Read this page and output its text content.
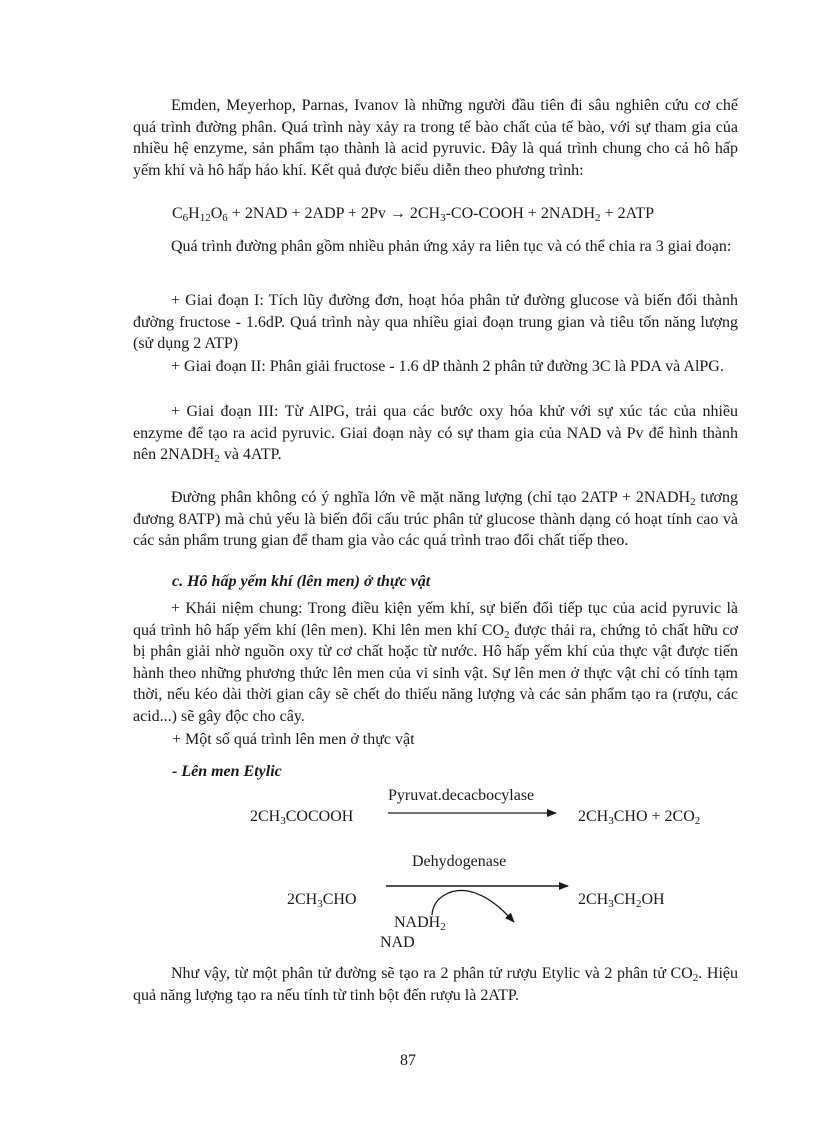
Emden, Meyerhop, Parnas, Ivanov là những người đầu tiên đi sâu nghiên cứu cơ chế quá trình đường phân. Quá trình này xảy ra trong tế bào chất của tế bào, với sự tham gia của nhiều hệ enzyme, sản phẩm tạo thành là acid pyruvic. Đây là quá trình chung cho cả hô hấp yếm khí và hô hấp háo khí. Kết quả được biểu diễn theo phương trình:

$C_6H_{12}O_6 + 2NAD + 2ADP + 2Pv$ → $2CH_3-CO$-COOH + $2NADH_2 + 2ATP$

Quá trình đường phân gồm nhiều phản ứng xảy ra liên tục và có thể chia ra 3 giai đoạn:

+ Giai đoạn I: Tích lũy đường đơn, hoạt hóa phân tử đường glucose và biến đổi thành đường fructose - 1.6dP. Quá trình này qua nhiều giai đoạn trung gian và tiêu tốn năng lượng (sử dụng 2 ATP)

+ Giai đoạn II: Phân giải fructose - 1.6 dP thành 2 phân tử đường 3C là PDA và AlPG.

+ Giai đoạn III: Từ AlPG, trải qua các bước oxy hóa khử với sự xúc tác của nhiều enzyme để tạo ra acid pyruvic. Giai đoạn này có sự tham gia của NAD và Pv để hình thành nên $2NADH_2$ và 4ATP.

Đường phân không có ý nghĩa lớn về mặt năng lượng (chỉ tạo $2ATP + 2NADH_2$ tương đương 8ATP) mà chủ yếu là biến đổi cấu trúc phân tử glucose thành dạng có hoạt tính cao và các sản phẩm trung gian để tham gia vào các quá trình trao đổi chất tiếp theo.

c. Hô hấp yếm khí (lên men) ở thực vật

+ Khái niệm chung: Trong điều kiện yếm khí, sự biến đổi tiếp tục của acid pyruvic là quá trình hô hấp yếm khí (lên men). Khi lên men khí $CO_2$ được thải ra, chứng tỏ chất hữu cơ bị phân giải nhờ nguồn oxy từ cơ chất hoặc từ nước. Hô hấp yếm khí của thực vật được tiến hành theo những phương thức lên men của vi sinh vật. Sự lên men ở thực vật chỉ có tính tạm thời, nếu kéo dài thời gian cây sẽ chết do thiếu năng lượng và các sản phẩm tạo ra (rượu, các acid...) sẽ gây độc cho cây.

+ Một số quá trình lên men ở thực vật
- Lên men Etylic
Pyruvat.decacbocylase
$2CH_3COCOOH$	$2CH_3CHO + 2CO_2$
Dehydogenase
$2CH_3CHO$	$2CH_3CH_2OH$
$NADH_2$
NAD

Như vậy, từ một phân tử đường sẽ tạo ra 2 phân tử rượu Etylic và 2 phân tử $CO_2$. Hiệu quả năng lượng tạo ra nếu tính từ tinh bột đến rượu là 2ATP.

87
